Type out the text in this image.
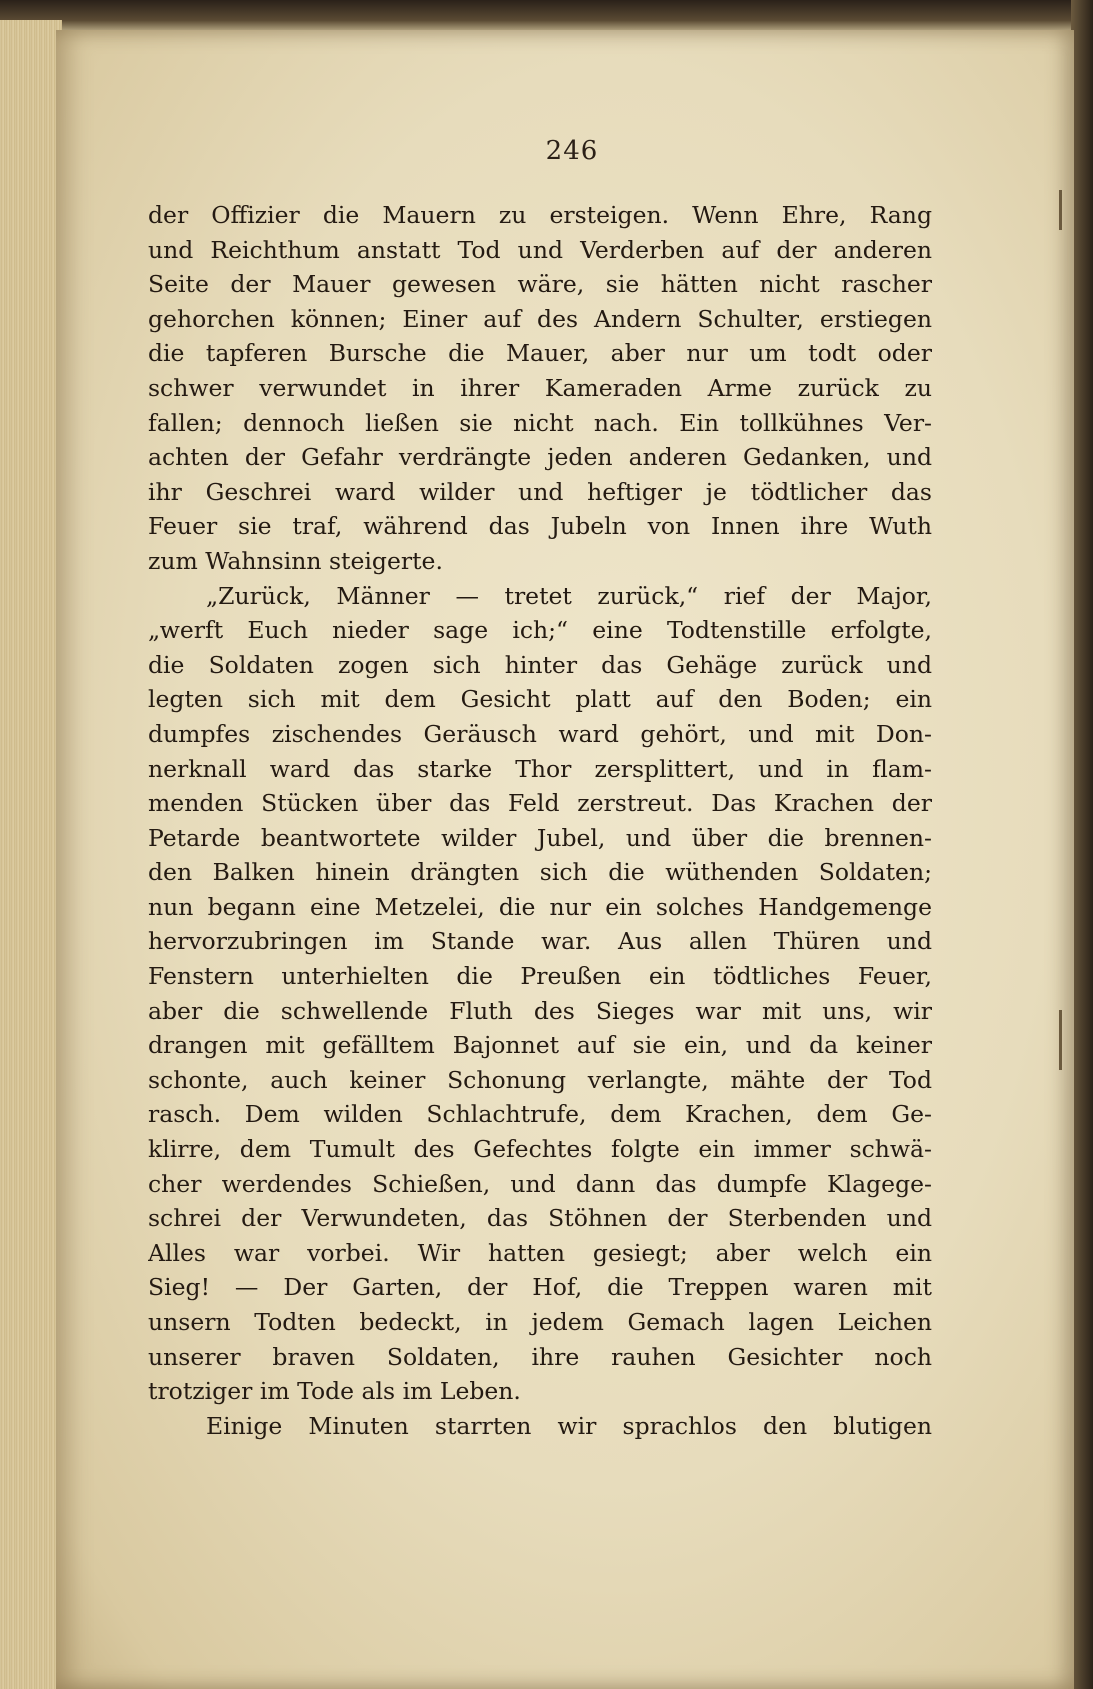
246
der Offizier die Mauern zu ersteigen. Wenn Ehre, Rang
und Reichthum anstatt Tod und Verderben auf der anderen
Seite der Mauer gewesen wäre, sie hätten nicht rascher
gehorchen können; Einer auf des Andern Schulter, erstiegen
die tapferen Bursche die Mauer, aber nur um todt oder
schwer verwundet in ihrer Kameraden Arme zurück zu
fallen; dennoch ließen sie nicht nach. Ein tollkühnes Ver-
achten der Gefahr verdrängte jeden anderen Gedanken, und
ihr Geschrei ward wilder und heftiger je tödtlicher das
Feuer sie traf, während das Jubeln von Innen ihre Wuth
zum Wahnsinn steigerte.
„Zurück, Männer — tretet zurück,“ rief der Major,
„werft Euch nieder sage ich;“ eine Todtenstille erfolgte,
die Soldaten zogen sich hinter das Gehäge zurück und
legten sich mit dem Gesicht platt auf den Boden; ein
dumpfes zischendes Geräusch ward gehört, und mit Don-
nerknall ward das starke Thor zersplittert, und in flam-
menden Stücken über das Feld zerstreut. Das Krachen der
Petarde beantwortete wilder Jubel, und über die brennen-
den Balken hinein drängten sich die wüthenden Soldaten;
nun begann eine Metzelei, die nur ein solches Handgemenge
hervorzubringen im Stande war. Aus allen Thüren und
Fenstern unterhielten die Preußen ein tödtliches Feuer,
aber die schwellende Fluth des Sieges war mit uns, wir
drangen mit gefälltem Bajonnet auf sie ein, und da keiner
schonte, auch keiner Schonung verlangte, mähte der Tod
rasch. Dem wilden Schlachtrufe, dem Krachen, dem Ge-
klirre, dem Tumult des Gefechtes folgte ein immer schwä-
cher werdendes Schießen, und dann das dumpfe Klagege-
schrei der Verwundeten, das Stöhnen der Sterbenden und
Alles war vorbei. Wir hatten gesiegt; aber welch ein
Sieg! — Der Garten, der Hof, die Treppen waren mit
unsern Todten bedeckt, in jedem Gemach lagen Leichen
unserer braven Soldaten, ihre rauhen Gesichter noch
trotziger im Tode als im Leben.
Einige Minuten starrten wir sprachlos den blutigen
